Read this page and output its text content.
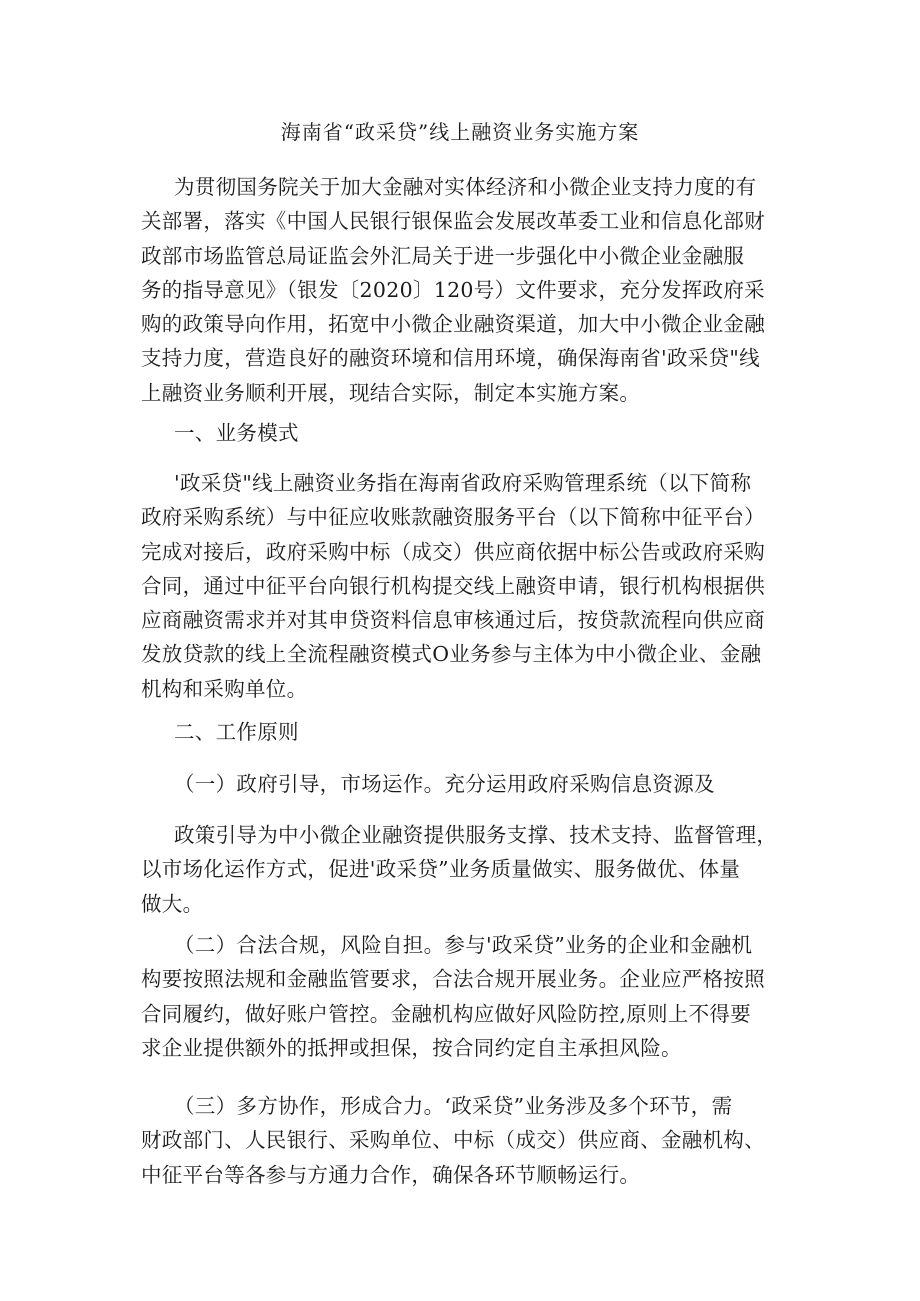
海南省“政采贷”线上融资业务实施方案
为贯彻国务院关于加大金融对实体经济和小微企业支持力度的有
关部署，落实《中国人民银行银保监会发展改革委工业和信息化部财
政部市场监管总局证监会外汇局关于进一步强化中小微企业金融服
务的指导意见》（银发〔2020〕120号）文件要求，充分发挥政府采
购的政策导向作用，拓宽中小微企业融资渠道，加大中小微企业金融
支持力度，营造良好的融资环境和信用环境，确保海南省'政采贷"线
上融资业务顺利开展，现结合实际，制定本实施方案。
一、业务模式
'政采贷"线上融资业务指在海南省政府采购管理系统（以下简称
政府采购系统）与中征应收账款融资服务平台（以下简称中征平台）
完成对接后，政府采购中标（成交）供应商依据中标公告或政府采购
合同，通过中征平台向银行机构提交线上融资申请，银行机构根据供
应商融资需求并对其申贷资料信息审核通过后，按贷款流程向供应商
发放贷款的线上全流程融资模式O业务参与主体为中小微企业、金融
机构和采购单位。
二、工作原则
（一）政府引导，市场运作。充分运用政府采购信息资源及
政策引导为中小微企业融资提供服务支撑、技术支持、监督管理，
以市场化运作方式，促进'政采贷”业务质量做实、服务做优、体量
做大。
（二）合法合规，风险自担。参与'政采贷”业务的企业和金融机
构要按照法规和金融监管要求，合法合规开展业务。企业应严格按照
合同履约，做好账户管控。金融机构应做好风险防控,原则上不得要
求企业提供额外的抵押或担保，按合同约定自主承担风险。
（三）多方协作，形成合力。‘政采贷”业务涉及多个环节，需
财政部门、人民银行、采购单位、中标（成交）供应商、金融机构、
中征平台等各参与方通力合作，确保各环节顺畅运行。
